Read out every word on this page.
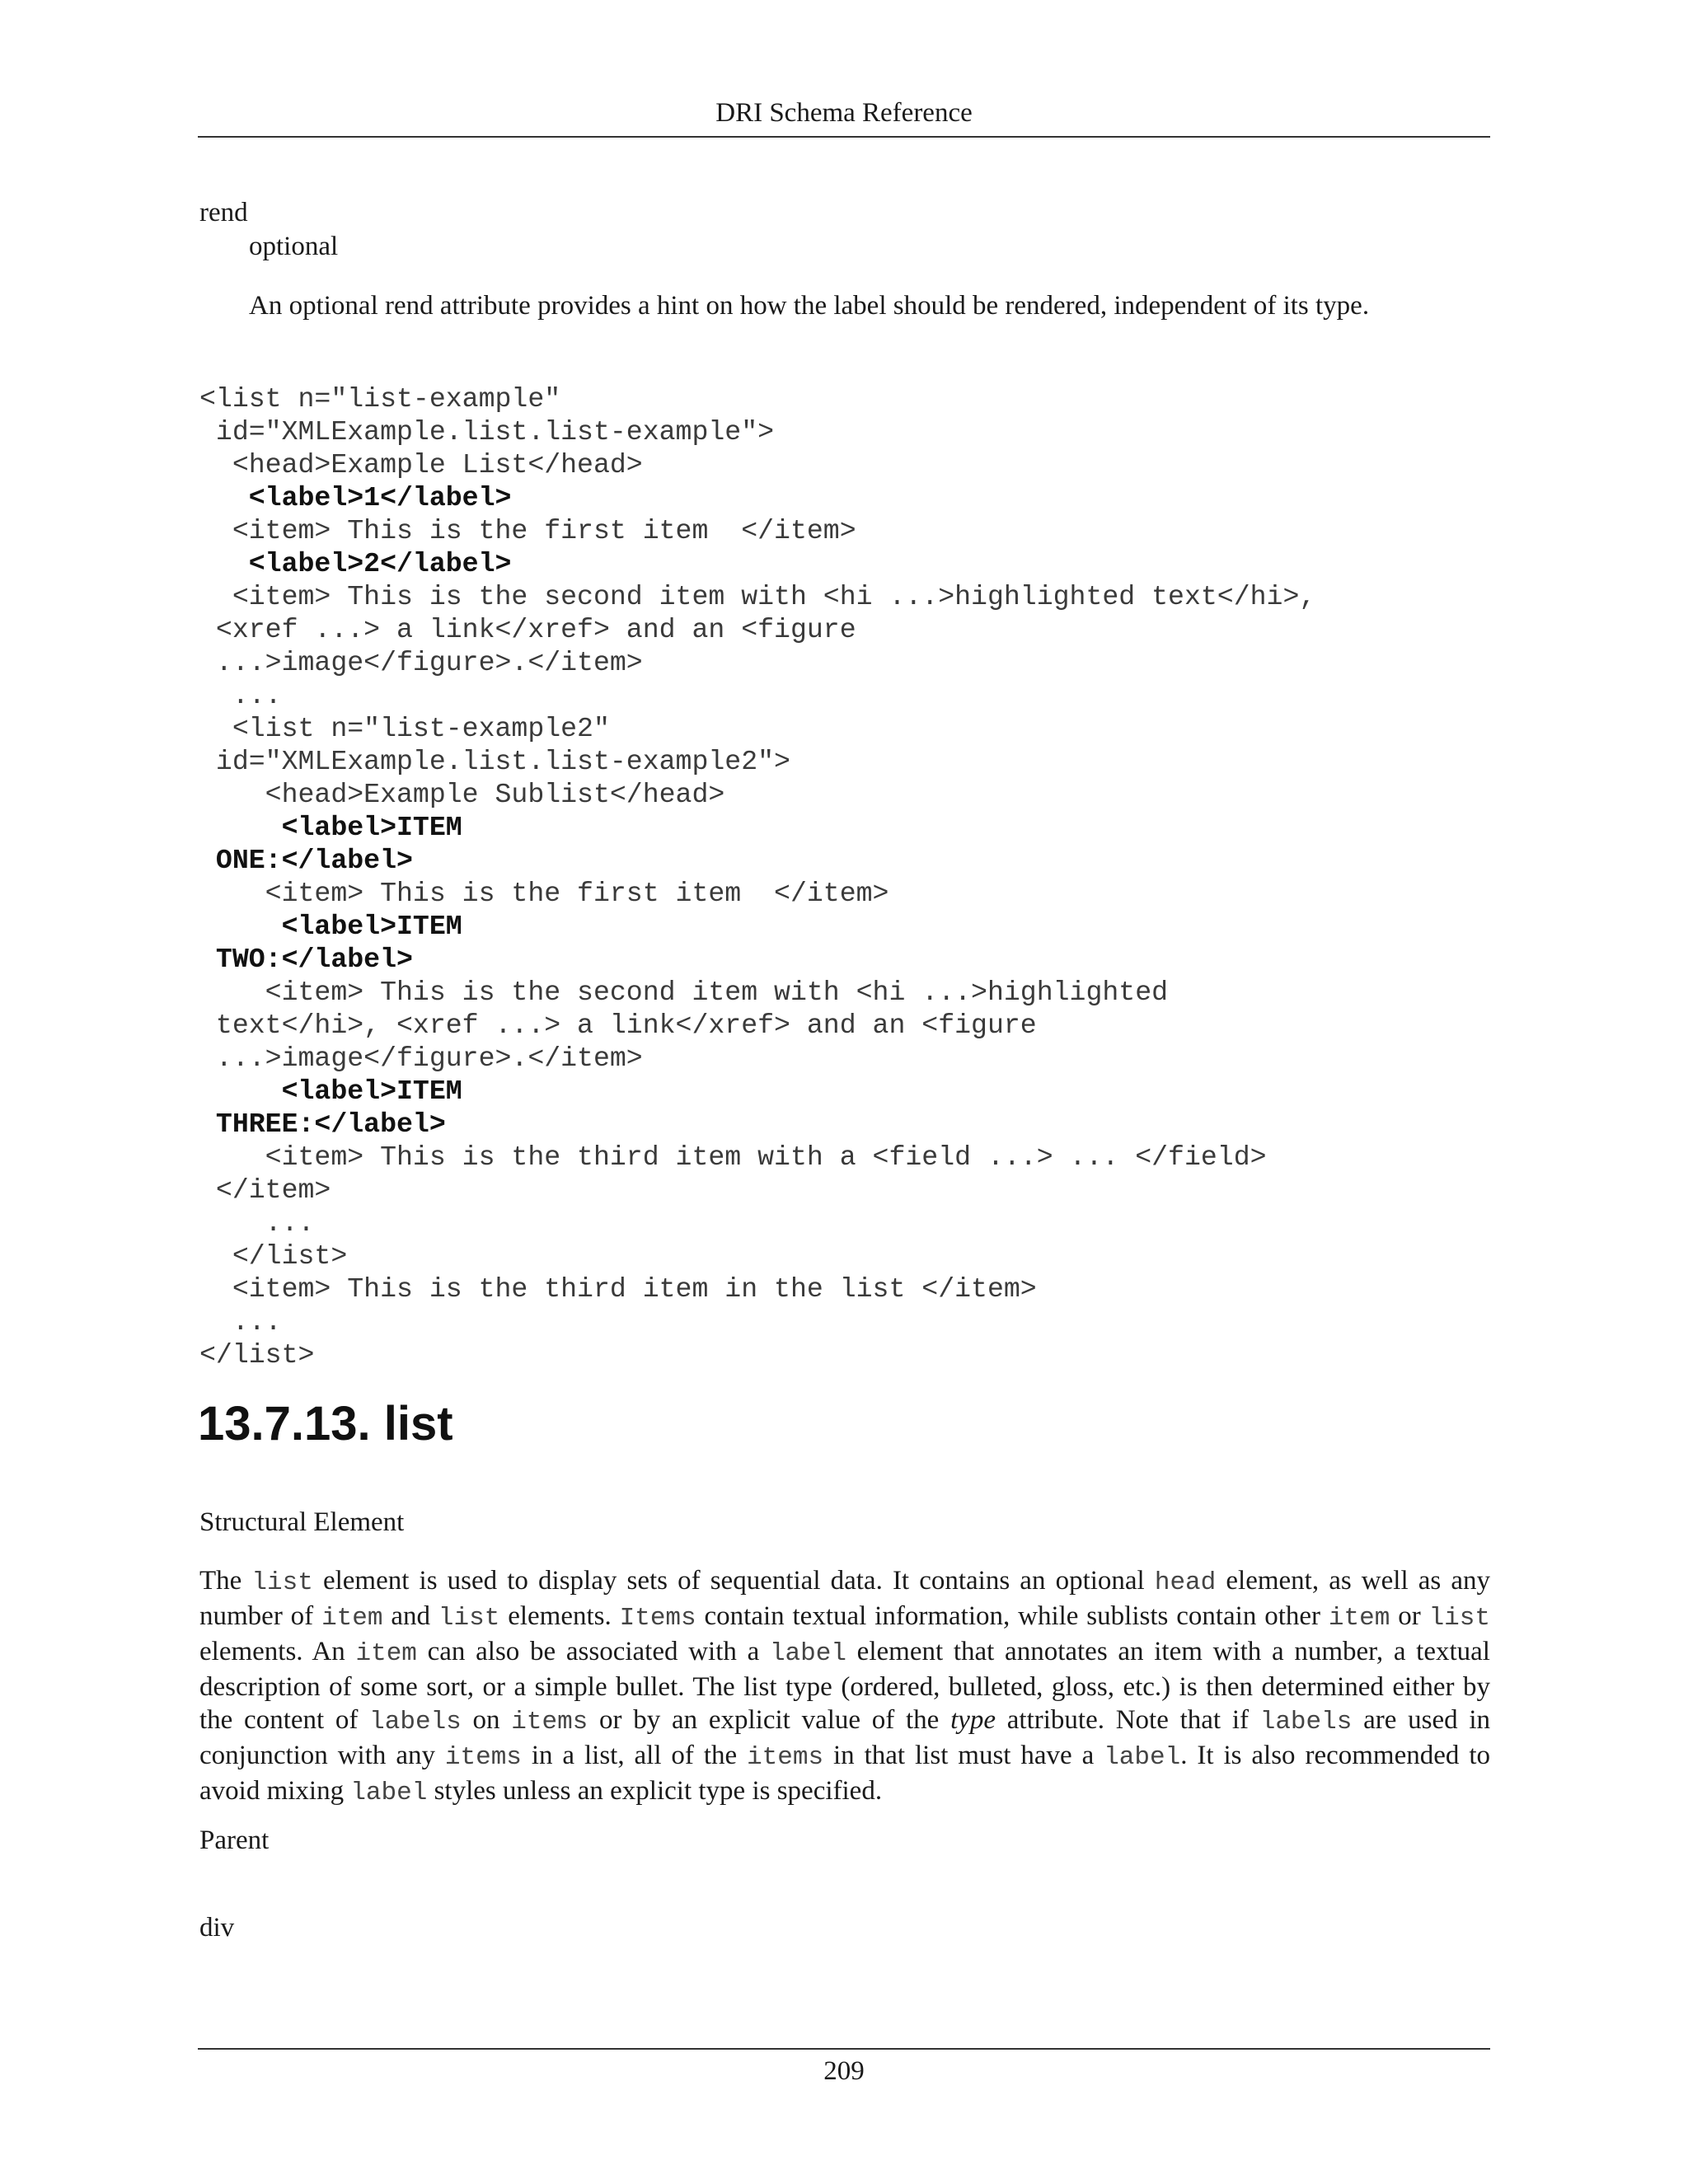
DRI Schema Reference
rend
optional
An optional rend attribute provides a hint on how the label should be rendered, independent of its type.
<list n="list-example"
id="XMLExample.list.list-example">
<head>Example List</head>
<label>1</label>
<item> This is the first item  </item>
<label>2</label>
<item> This is the second item with <hi ...>highlighted text</hi>,
<xref ...> a link</xref> and an <figure
...>image</figure>.</item>
...
<list n="list-example2"
id="XMLExample.list.list-example2">
<head>Example Sublist</head>
<label>ITEM
ONE:</label>
<item> This is the first item  </item>
<label>ITEM
TWO:</label>
<item> This is the second item with <hi ...>highlighted
text</hi>, <xref ...> a link</xref> and an <figure
...>image</figure>.</item>
<label>ITEM
THREE:</label>
<item> This is the third item with a <field ...> ... </field>
</item>
...
</list>
<item> This is the third item in the list </item>
...
</list>
13.7.13. list
Structural Element

The list element is used to display sets of sequential data. It contains an optional head element, as well as any number of item and list elements. Items contain textual information, while sublists contain other item or list elements. An item can also be associated with a label element that annotates an item with a number, a textual description of some sort, or a simple bullet. The list type (ordered, bulleted, gloss, etc.) is then determined either by the content of labels on items or by an explicit value of the type attribute. Note that if labels are used in conjunction with any items in a list, all of the items in that list must have a label. It is also recommended to avoid mixing label styles unless an explicit type is specified.

Parent
div
209
